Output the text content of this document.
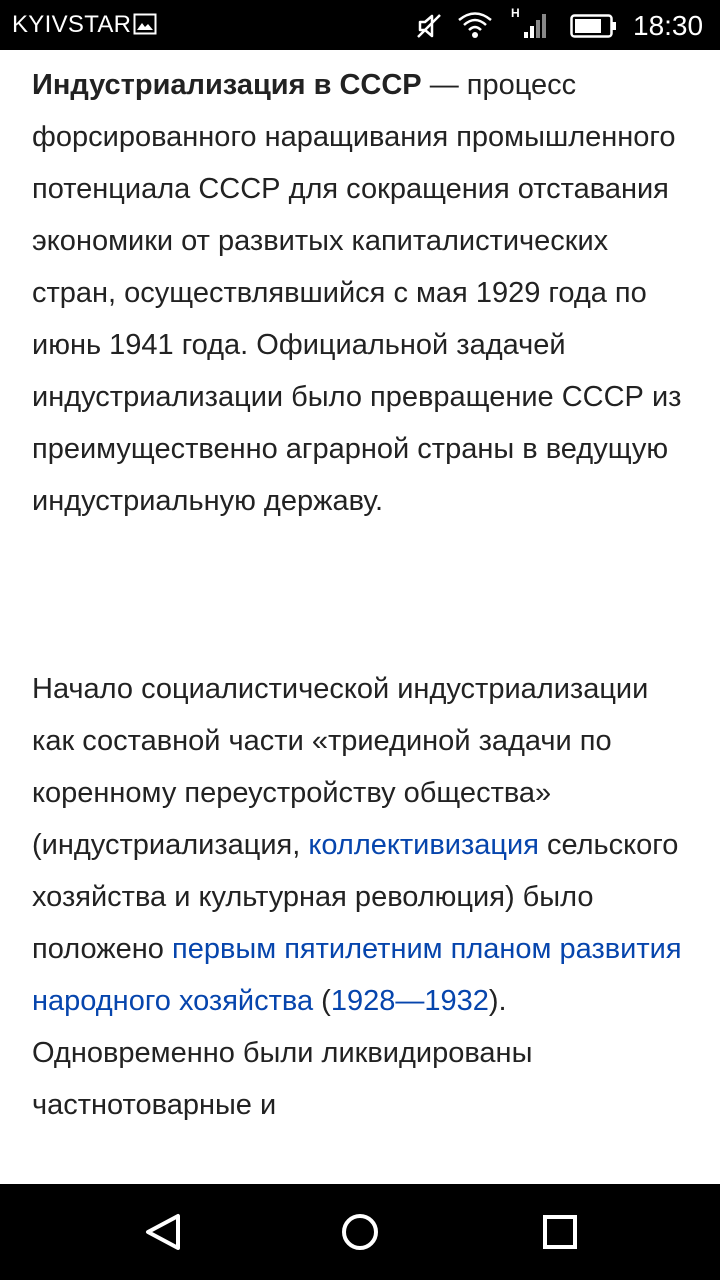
KYIVSTAR	H	18:30

Индустриализация в СССР — процесс форсированного наращивания промышленного потенциала СССР для сокращения отставания экономики от развитых капиталистических стран, осуществлявшийся с мая 1929 года по июнь 1941 года. Официальной задачей индустриализации было превращение СССР из преимущественно аграрной страны в ведущую индустриальную державу.

Начало социалистической индустриализации как составной части «триединой задачи по коренному переустройству общества» (индустриализация, коллективизация сельского хозяйства и культурная революция) было положено первым пятилетним планом развития народного хозяйства (1928—1932). Одновременно были ликвидированы частнотоварные и
